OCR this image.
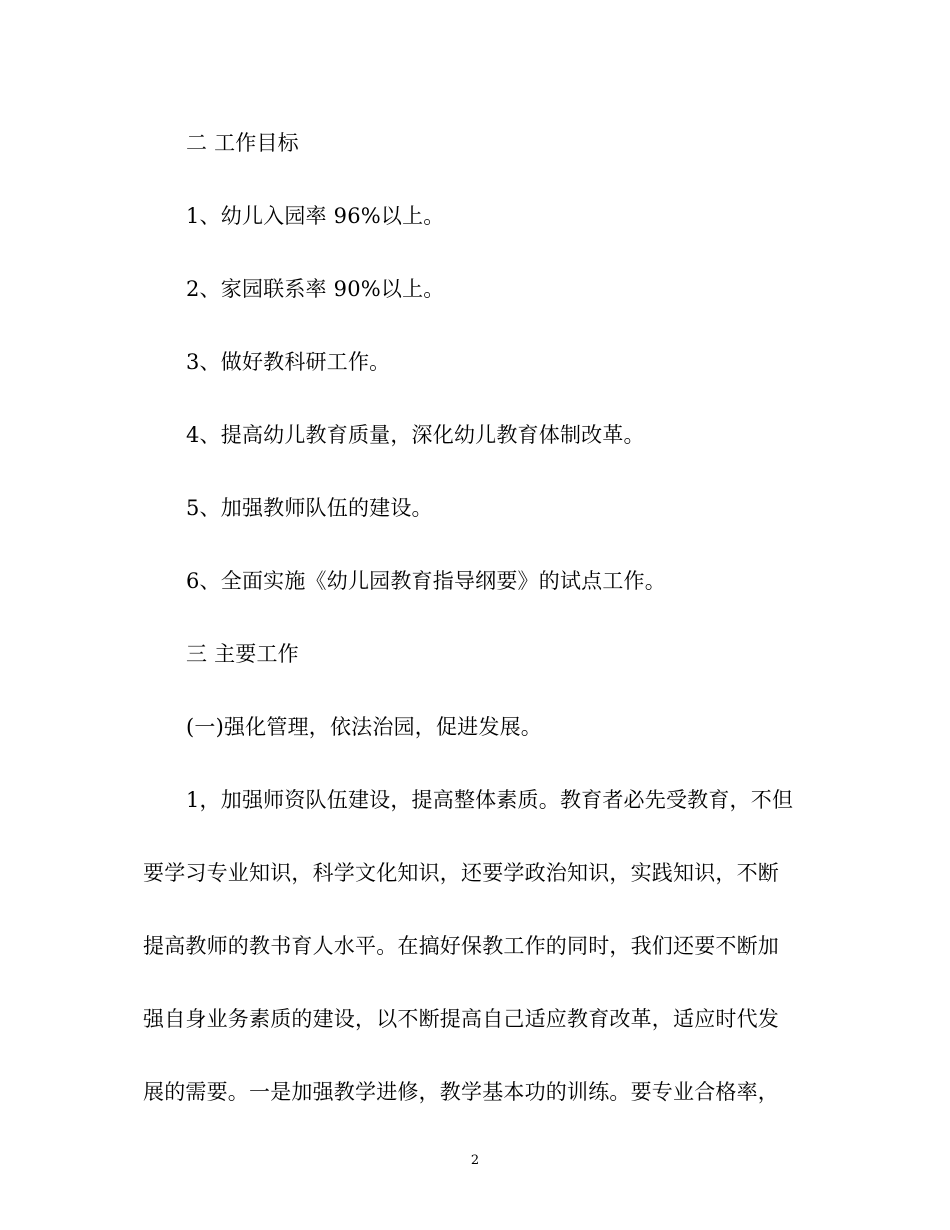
二 工作目标
1、幼儿入园率 96%以上。
2、家园联系率 90%以上。
3、做好教科研工作。
4、提高幼儿教育质量，深化幼儿教育体制改革。
5、加强教师队伍的建设。
6、全面实施《幼儿园教育指导纲要》的试点工作。
三 主要工作
(一)强化管理，依法治园，促进发展。
1，加强师资队伍建设，提高整体素质。教育者必先受教育，不但
要学习专业知识，科学文化知识，还要学政治知识，实践知识，不断
提高教师的教书育人水平。在搞好保教工作的同时，我们还要不断加
强自身业务素质的建设，以不断提高自己适应教育改革，适应时代发
展的需要。一是加强教学进修，教学基本功的训练。要专业合格率，
2
